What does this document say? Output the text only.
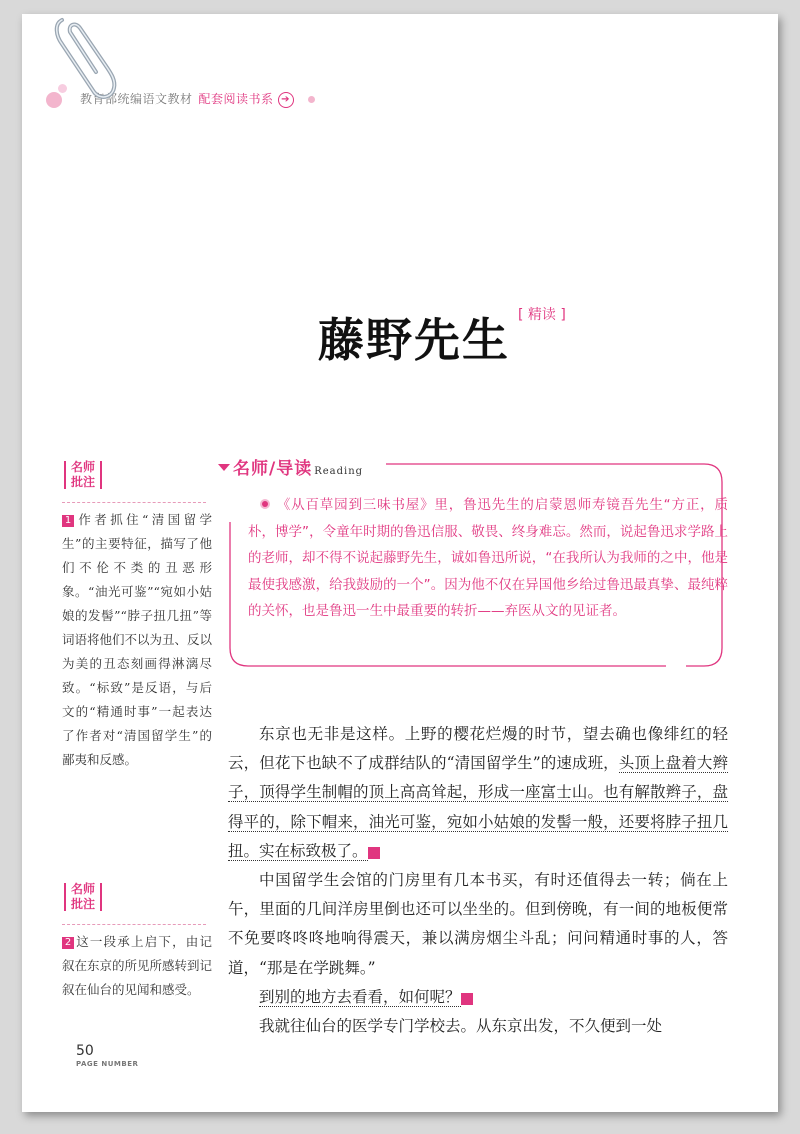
教育部统编语文教材 配套阅读书系 ➔
藤野先生 [ 精读 ]
名师
批注
1 作者抓住“清国留学生”的主要特征，描写了他们不伦不类的丑恶形象。“油光可鉴”“宛如小姑娘的发髻”“脖子扭几扭”等词语将他们不以为丑、反以为美的丑态刻画得淋漓尽致。“标致”是反语，与后文的“精通时事”一起表达了作者对“清国留学生”的鄙夷和反感。
名师
批注
2 这一段承上启下，由记叙在东京的所见所感转到记叙在仙台的见闻和感受。
名师/导读 Reading
《从百草园到三味书屋》里，鲁迅先生的启蒙恩师寿镜吾先生“方正，质朴，博学”，令童年时期的鲁迅信服、敬畏、终身难忘。然而，说起鲁迅求学路上的老师，却不得不说起藤野先生，诚如鲁迅所说，“在我所认为我师的之中，他是最使我感激，给我鼓励的一个”。因为他不仅在异国他乡给过鲁迅最真挚、最纯粹的关怀，也是鲁迅一生中最重要的转折——弃医从文的见证者。

东京也无非是这样。上野的樱花烂熳的时节，望去确也像绯红的轻云，但花下也缺不了成群结队的“清国留学生”的速成班，头顶上盘着大辫子，顶得学生制帽的顶上高高耸起，形成一座富士山。也有解散辫子，盘得平的，除下帽来，油光可鉴，宛如小姑娘的发髻一般，还要将脖子扭几扭。实在标致极了。	1

中国留学生会馆的门房里有几本书买，有时还值得去一转；倘在上午，里面的几间洋房里倒也还可以坐坐的。但到傍晚，有一间的地板便常不免要咚咚咚地响得震天，兼以满房烟尘斗乱；问问精通时事的人，答道，“那是在学跳舞。”

到别的地方去看看，如何呢？	2

我就往仙台的医学专门学校去。从东京出发，不久便到一处

50
PAGE NUMBER
